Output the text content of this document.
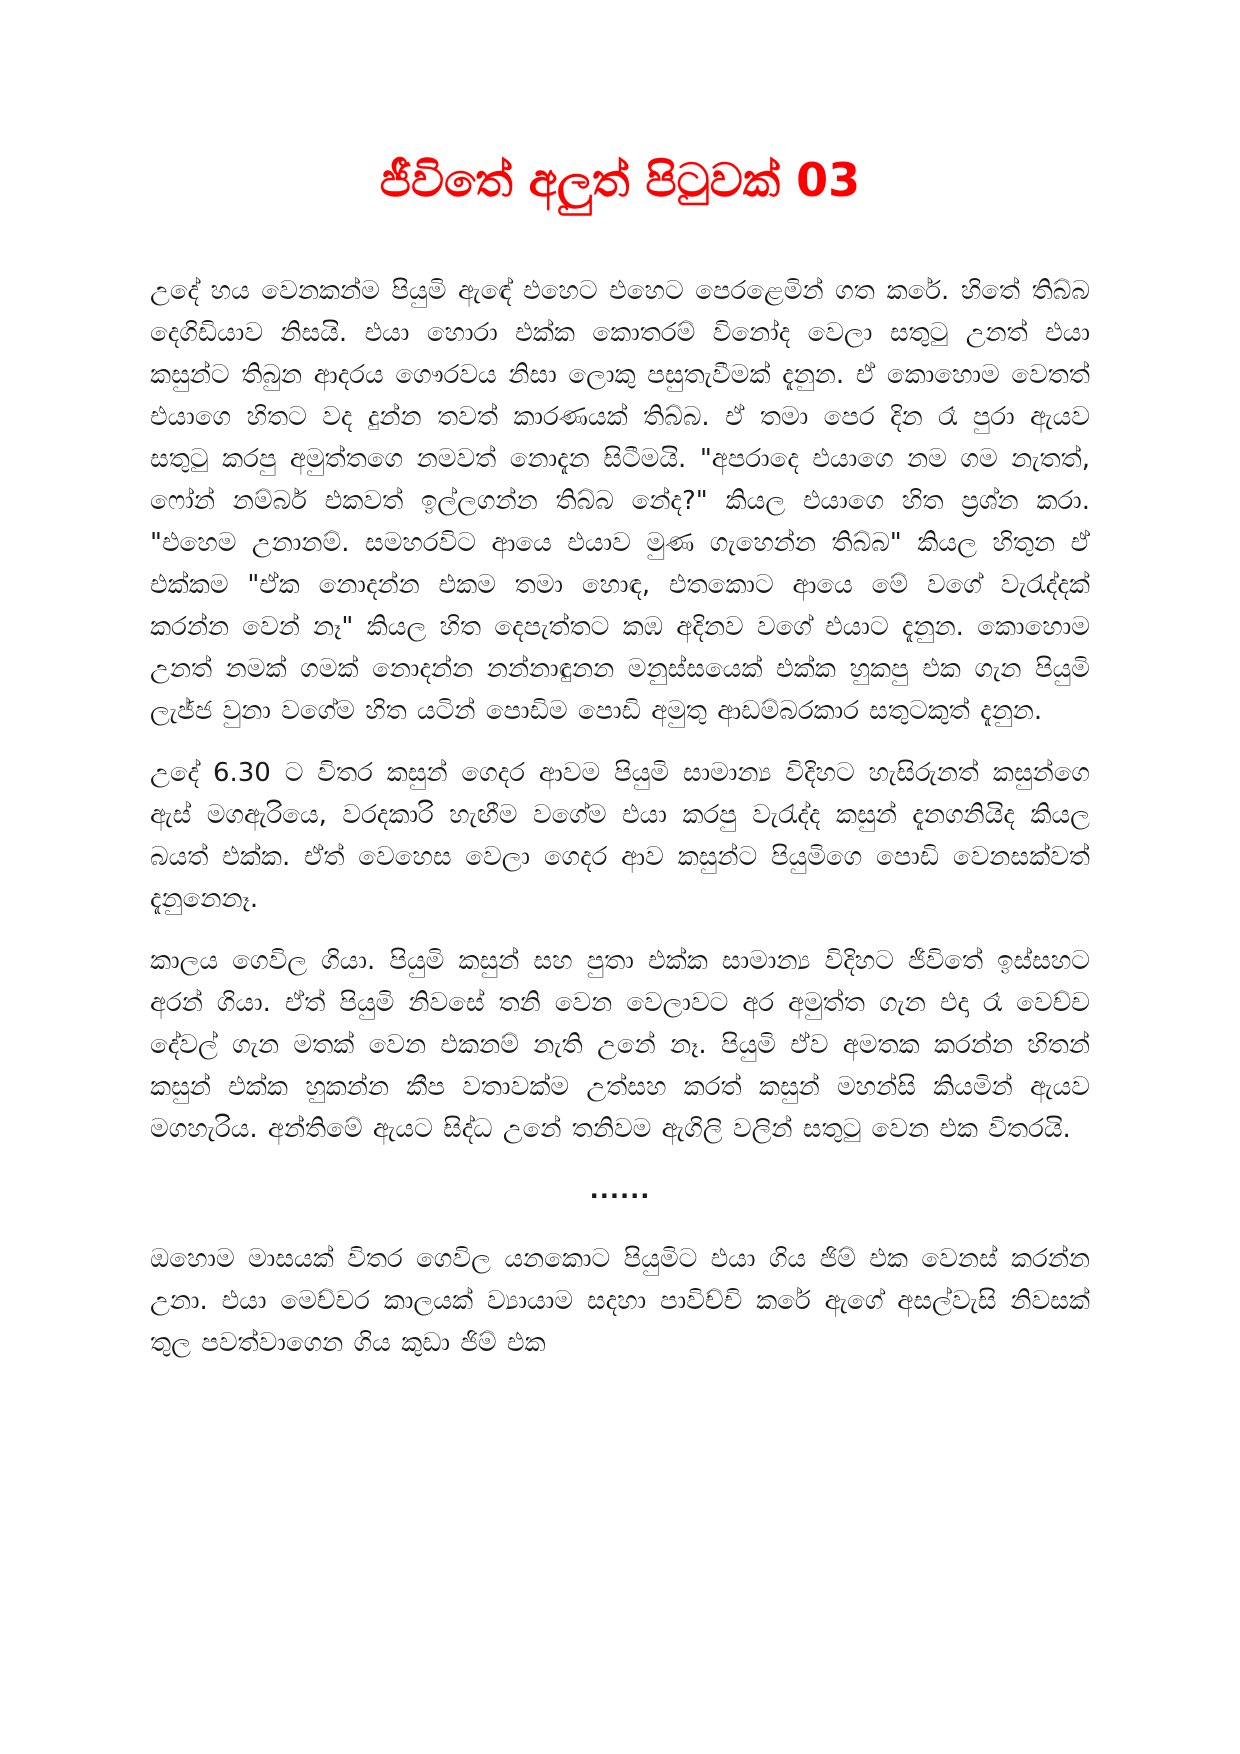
ජීවිතේ අලුත් පිටුවක් 03

උදේ හය වෙනකන්ම පියුමි ඇඳේ එහෙට එහෙට පෙරළෙමින් ගත කරේ. හිතේ තිබ්බ දෙගිඩියාව නිසයි. එයා හොරා එක්ක කොතරම් විනෝද වෙලා සතුටු උනත් එයා කසුන්ට තිබුන ආදරය ගෞරවය නිසා ලොකු පසුතැවීමක් දැනුන. ඒ කොහොම වෙතත් එයාගෙ හිතට වද දුන්න තවත් කාරණයක් තිබ්බ. ඒ තමා පෙර දින රෑ පුරා ඇයව සතුටු කරපු අමුත්තගෙ නමවත් නොදැන සිටීමයි. "අපරාදෙ එයාගෙ නම ගම නැතත්, ෆෝන් නම්බර් එකවත් ඉල්ලගන්න තිබ්බ නේද?" කියල එයාගෙ හිත ප්‍රශ්න කරා. "එහෙම උනානම්. සමහරවිට ආයෙ එයාව මුණ ගැහෙන්න තිබ්බ" කියල හිතුන ඒ එක්කම "ඒක නොදන්න එකම තමා හොඳ, එතකොට ආයෙ මේ වගේ වැරැද්දක් කරන්න වෙන් නෑ" කියල හිත දෙපැත්තට කඹ අදිනව වගේ එයාට දැනුන. කොහොම උනත් නමක් ගමක් නොදන්න නන්නාඳුනන මනුස්සයෙක් එක්ක හුකපු එක ගැන පියුමි ලැජ්ජ වුනා වගේම හිත යටින් පොඩිම පොඩි අමුතු ආඩම්බරකාර සතුටකුත් දැනුන.

උදේ 6.30 ට විතර කසුන් ගෙදර ආවම පියුමි සාමාන්‍ය විදිහට හැසිරුනත් කසුන්ගෙ ඇස් මගඇරියෙ, වරදකාරි හැඟීම වගේම එයා කරපු වැරැද්ද කසුන් දැනගනියිද කියල බයත් එක්ක. ඒත් වෙහෙස වෙලා ගෙදර ආව කසුන්ට පියුමිගෙ පොඩි වෙනසක්වත් දැනුනෙනෑ.

කාලය ගෙවිල ගියා. පියුමි කසුන් සහ පුතා එක්ක සාමාන්‍ය විදිහට ජීවිතේ ඉස්සහට අරන් ගියා. ඒත් පියුමි නිවසේ තනි වෙන වෙලාවට අර අමුත්ත ගැන එදා රෑ වෙච්ච දේවල් ගැන මතක් වෙන එකනම් නැති උනේ නෑ. පියුමි ඒව අමතක කරන්න හිතන් කසුන් එක්ක හුකන්න කීප වතාවක්ම උත්සහ කරත් කසුන් මහන්සි කියමින් ඇයව මගහැරිය. අන්තිමේ ඇයට සිද්ධ උනේ තනිවම ඇගිලි වලින් සතුටු වෙන එක විතරයි.

......

ඔහොම මාසයක් විතර ගෙවිල යනකොට පියුමිට එයා ගිය ජිම් එක වෙනස් කරන්න උනා. එයා මෙච්චර කාලයක් ව්‍යායාම සදහා පාවිච්චි කරේ ඇගේ අසල්වැසි නිවසක් තුල පවත්වාගෙන ගිය කුඩා ජිම් එක
